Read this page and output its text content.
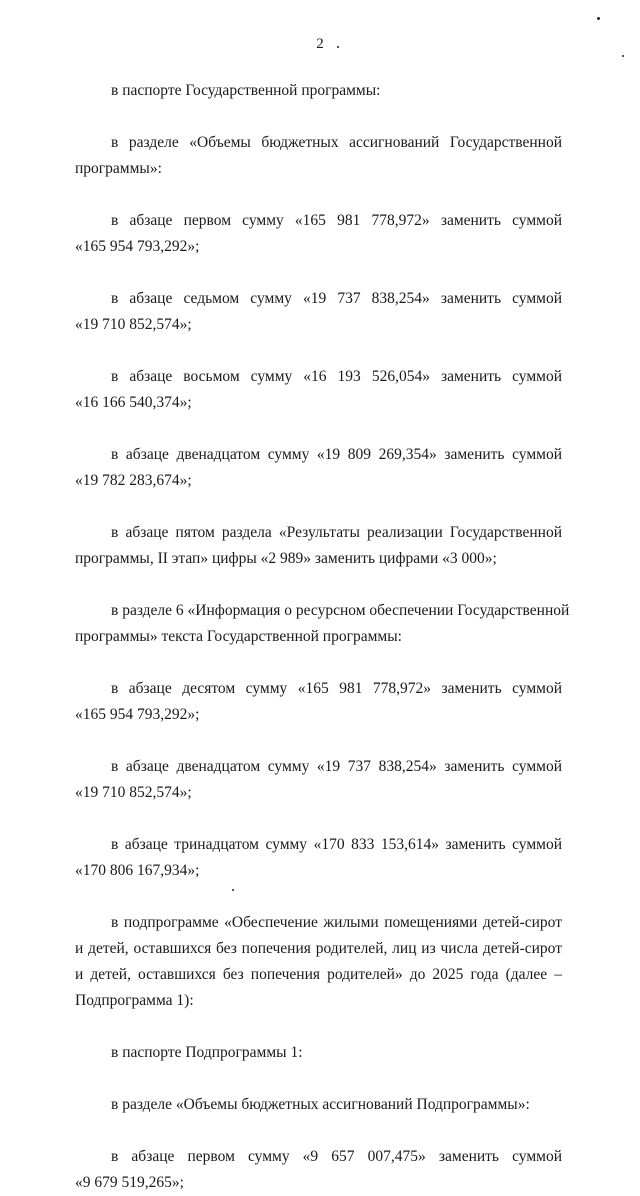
2

в паспорте Государственной программы:

в разделе «Объемы бюджетных ассигнований Государственной
программы»:

в абзаце первом сумму «165 981 778,972» заменить суммой
«165 954 793,292»;

в абзаце седьмом сумму «19 737 838,254» заменить суммой
«19 710 852,574»;

в абзаце восьмом сумму «16 193 526,054» заменить суммой
«16 166 540,374»;

в абзаце двенадцатом сумму «19 809 269,354» заменить суммой
«19 782 283,674»;

в абзаце пятом раздела «Результаты реализации Государственной
программы, II этап» цифры «2 989» заменить цифрами «3 000»;

в разделе 6 «Информация о ресурсном обеспечении Государственной
программы» текста Государственной программы:

в абзаце десятом сумму «165 981 778,972» заменить суммой
«165 954 793,292»;

в абзаце двенадцатом сумму «19 737 838,254» заменить суммой
«19 710 852,574»;

в абзаце тринадцатом сумму «170 833 153,614» заменить суммой
«170 806 167,934»;

в подпрограмме «Обеспечение жилыми помещениями детей-сирот
и детей, оставшихся без попечения родителей, лиц из числа детей-сирот
и детей, оставшихся без попечения родителей» до 2025 года (далее –
Подпрограмма 1):

в паспорте Подпрограммы 1:

в разделе «Объемы бюджетных ассигнований Подпрограммы»:

в абзаце первом сумму «9 657 007,475» заменить суммой
«9 679 519,265»;
